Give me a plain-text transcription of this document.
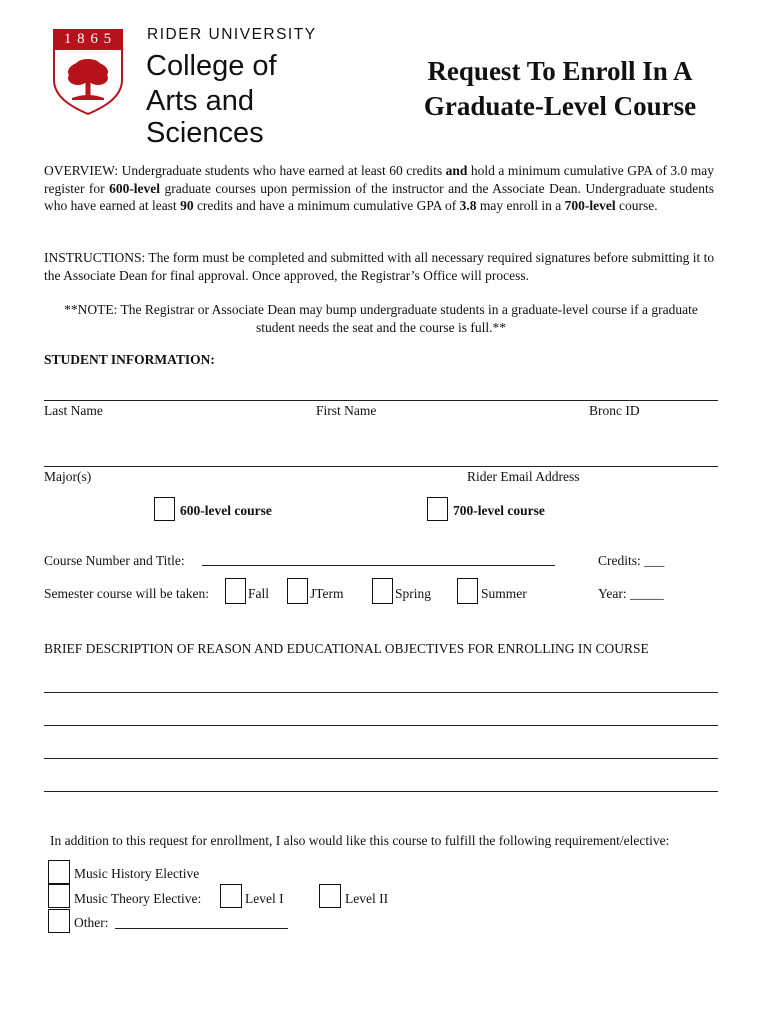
1 8 6 5	RIDER UNIVERSITY
College of
Arts and Sciences
Request To Enroll In A
Graduate-Level Course
OVERVIEW: Undergraduate students who have earned at least 60 credits and hold a minimum cumulative GPA of 3.0 may register for 600-level graduate courses upon permission of the instructor and the Associate Dean. Undergraduate students who have earned at least 90 credits and have a minimum cumulative GPA of 3.8 may enroll in a 700-level course.
INSTRUCTIONS: The form must be completed and submitted with all necessary required signatures before submitting it to the Associate Dean for final approval. Once approved, the Registrar’s Office will process.
**NOTE: The Registrar or Associate Dean may bump undergraduate students in a graduate-level course if a graduate student needs the seat and the course is full.**
STUDENT INFORMATION:
Last Name	First Name	Bronc ID
Major(s)	Rider Email Address
600-level course	700-level course
Course Number and Title:	Credits: ___
Semester course will be taken:	Fall	JTerm	Spring	Summer	Year: _____
BRIEF DESCRIPTION OF REASON AND EDUCATIONAL OBJECTIVES FOR ENROLLING IN COURSE
In addition to this request for enrollment, I also would like this course to fulfill the following requirement/elective:
Music History Elective
Music Theory Elective:	Level I	Level II
Other:
